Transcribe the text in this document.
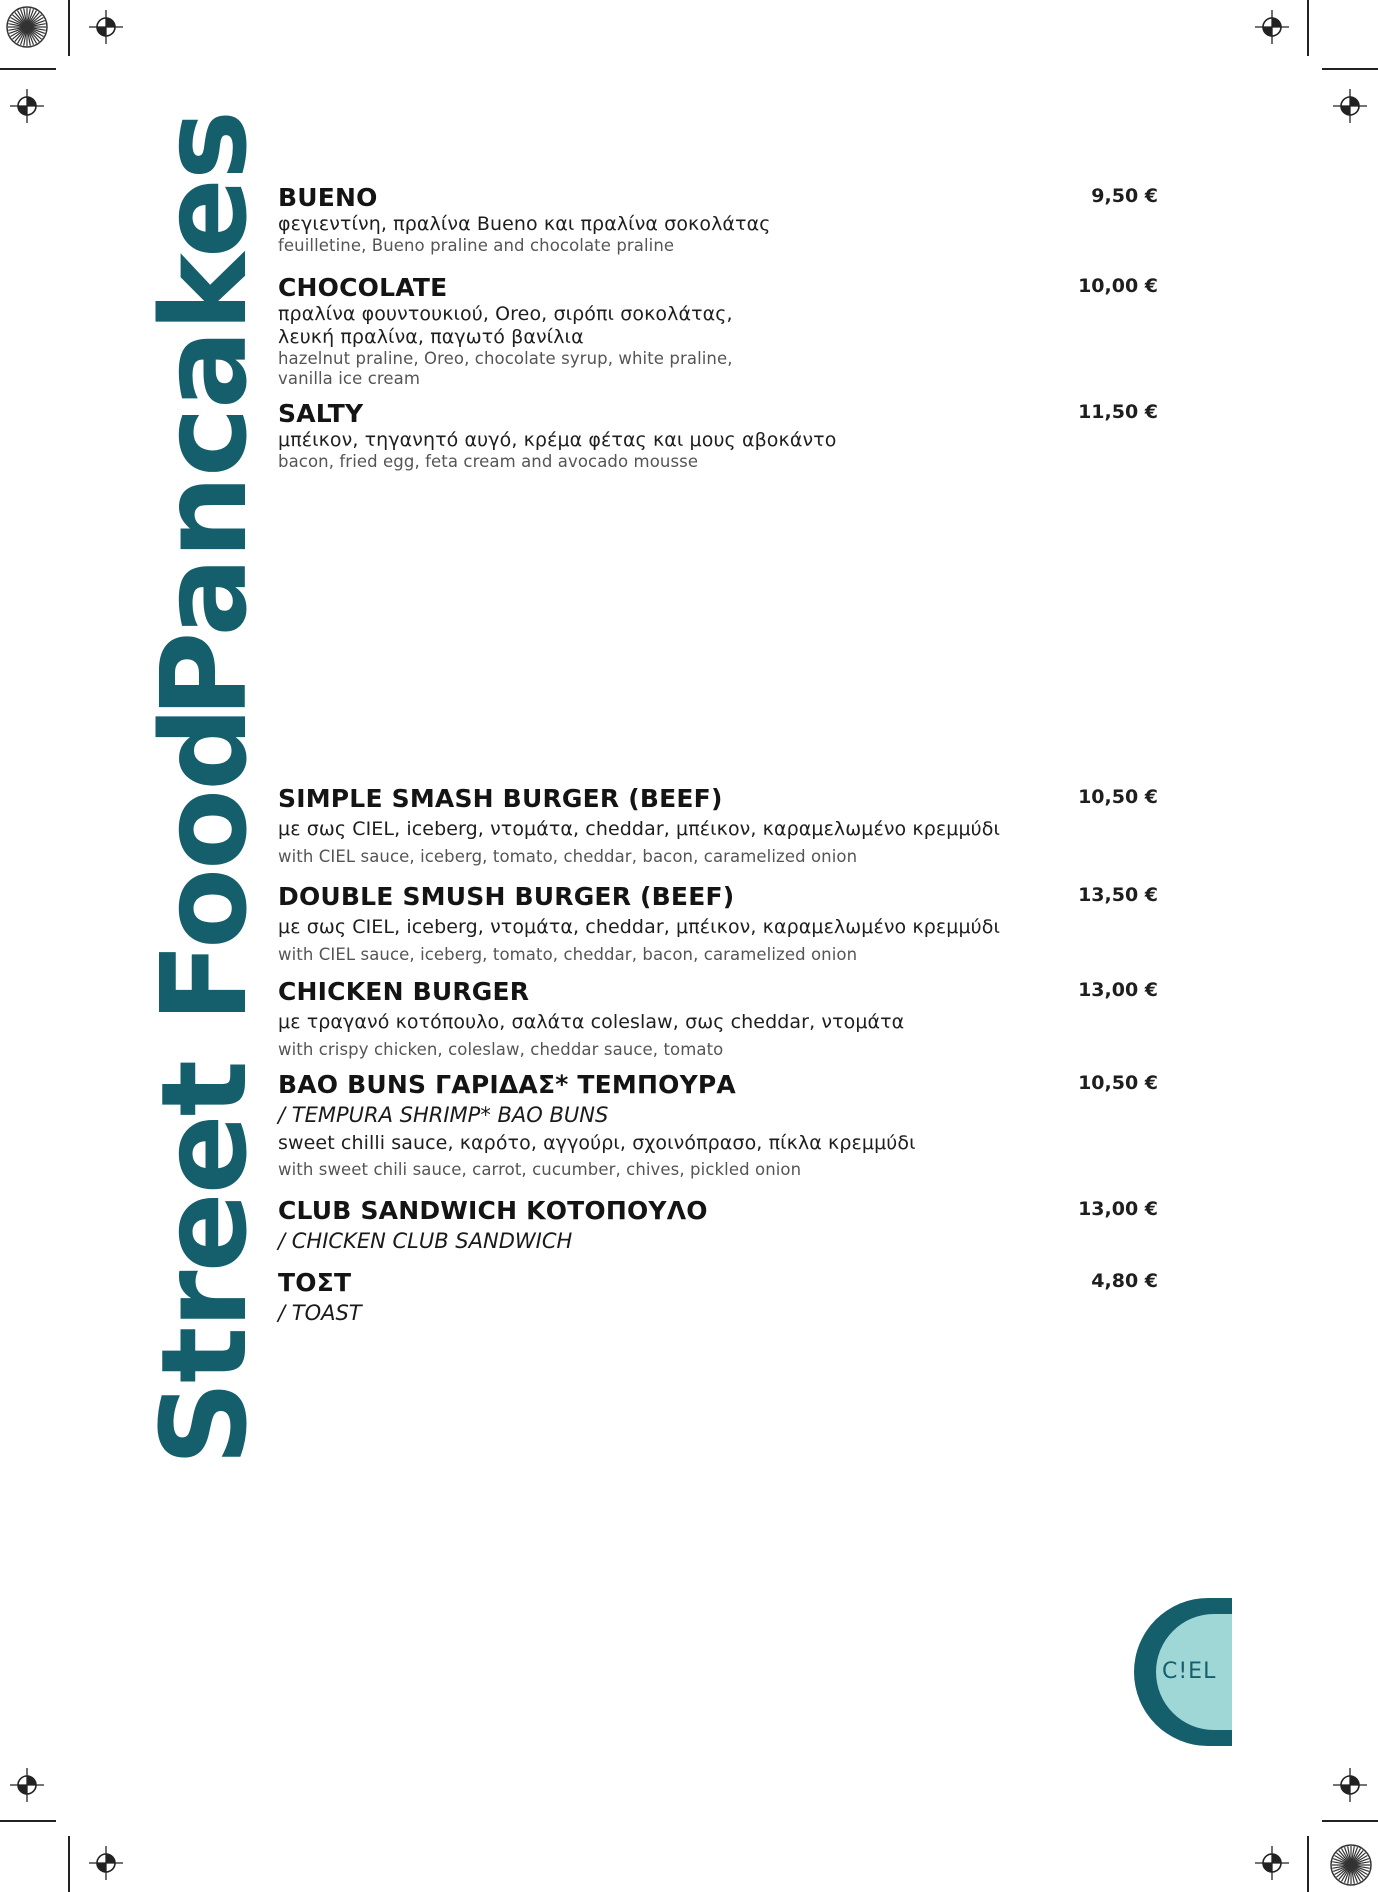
Pancakes
Street Food
BUENO
φεγιεντίνη, πραλίνα Bueno και πραλίνα σοκολάτας
feuilletine, Bueno praline and chocolate praline
9,50 €
CHOCOLATE
πραλίνα φουντουκιού, Oreo, σιρόπι σοκολάτας,
λευκή πραλίνα, παγωτό βανίλια
hazelnut praline, Oreo, chocolate syrup, white praline,
vanilla ice cream
10,00 €
SALTY
μπέικον, τηγανητό αυγό, κρέμα φέτας και μους αβοκάντο
bacon, fried egg, feta cream and avocado mousse
11,50 €
SIMPLE SMASH BURGER (BEEF)
με σως CIEL, iceberg, ντομάτα, cheddar, μπέικον, καραμελωμένο κρεμμύδι
with CIEL sauce, iceberg, tomato, cheddar, bacon, caramelized onion
10,50 €
DOUBLE SMUSH BURGER (BEEF)
με σως CIEL, iceberg, ντομάτα, cheddar, μπέικον, καραμελωμένο κρεμμύδι
with CIEL sauce, iceberg, tomato, cheddar, bacon, caramelized onion
13,50 €
CHICKEN BURGER
με τραγανό κοτόπουλο, σαλάτα coleslaw, σως cheddar, ντομάτα
with crispy chicken, coleslaw, cheddar sauce, tomato
13,00 €
BAO BUNS ΓΑΡΙΔΑΣ* ΤΕΜΠΟΥΡΑ
/ TEMPURA SHRIMP* BAO BUNS
sweet chilli sauce, καρότο, αγγούρι, σχοινόπρασο, πίκλα κρεμμύδι
with sweet chili sauce, carrot, cucumber, chives, pickled onion
10,50 €
CLUB SANDWICH ΚΟΤΟΠΟΥΛΟ
/ CHICKEN CLUB SANDWICH
13,00 €
ΤΟΣΤ
/ TOAST
4,80 €
C!EL
